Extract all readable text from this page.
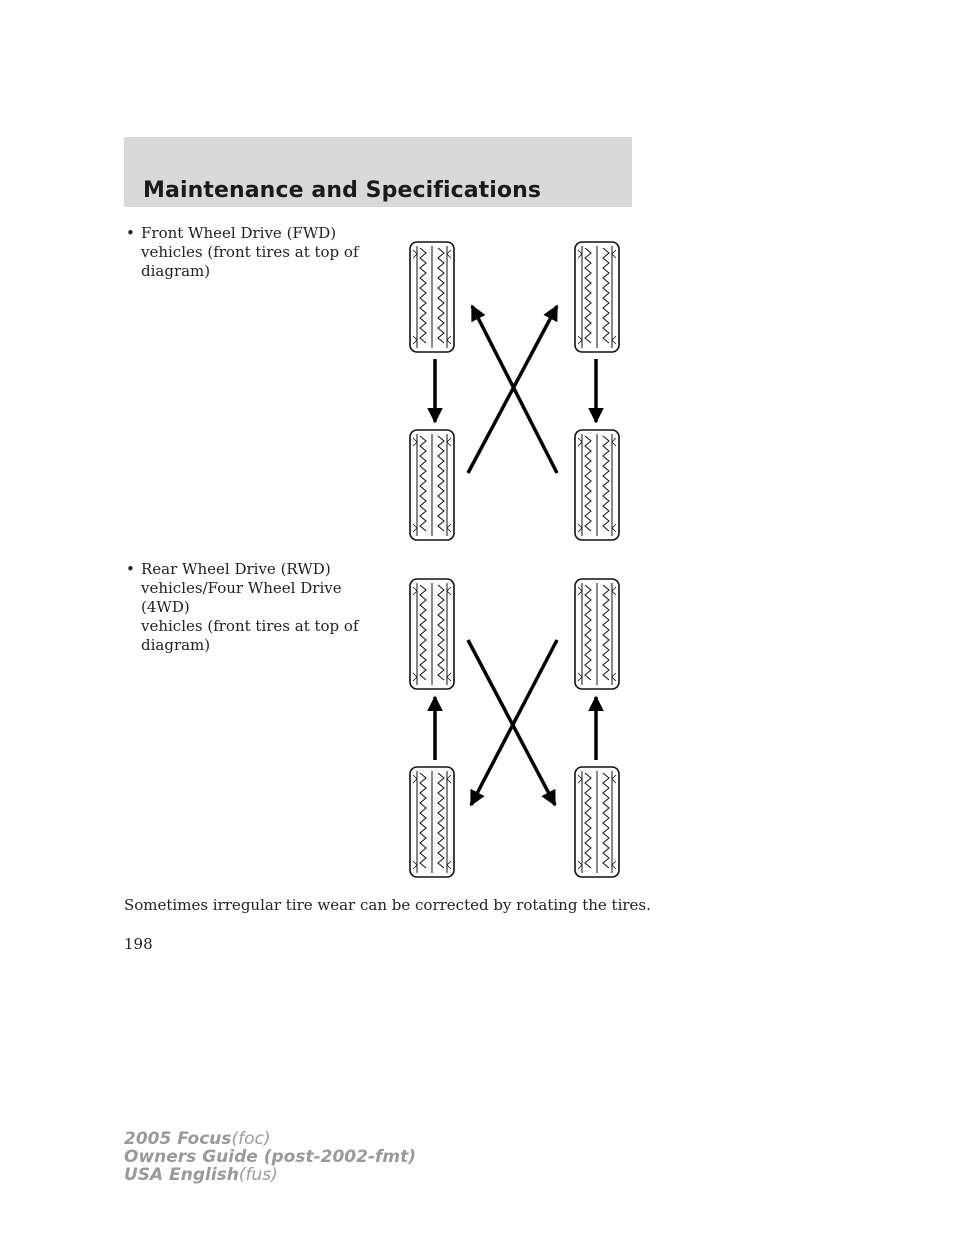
Maintenance and Specifications
• Front Wheel Drive (FWD)
vehicles (front tires at top of
diagram)
• Rear Wheel Drive (RWD)
vehicles/Four Wheel Drive (4WD)
vehicles (front tires at top of
diagram)
Sometimes irregular tire wear can be corrected by rotating the tires.
198
2005 Focus(foc)
Owners Guide (post-2002-fmt)
USA English(fus)
